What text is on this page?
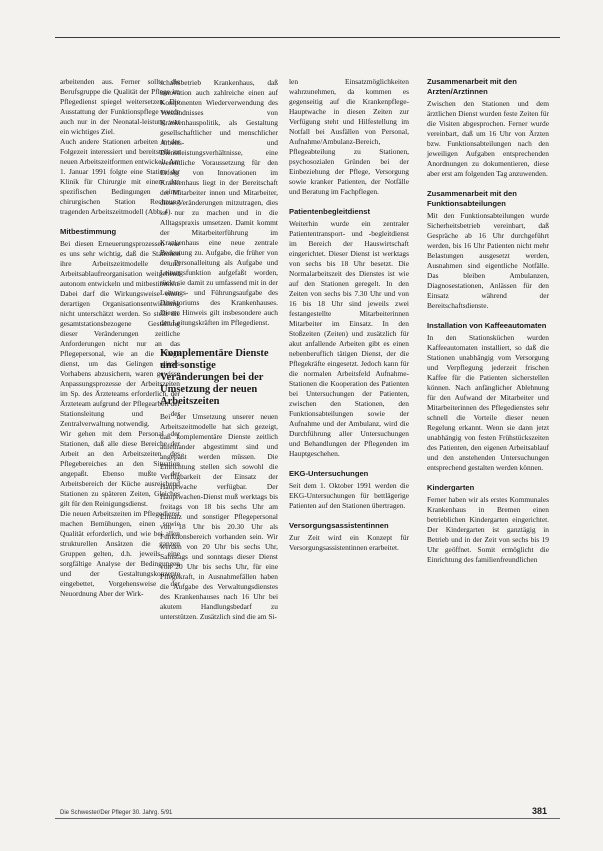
arbeitenden aus. Ferner sollte die Berufsgruppe die Qualität der Pflege im Pflegedienst spiegel weitersetzen. Die Ausstattung der Funktionspflege wurde auch nur in der Neonatal-leistung war ein wichtiges Ziel.

Auch andere Stationen arbeiten in der Folgezeit interessiert und bereitstellt zu neuen Arbeitszeitformen entwickelt. Am 1. Januar 1991 folgte eine Station der Klinik für Chirurgie mit einem den spezifischen Bedingungen einer chirurgischen Station Rechnung tragenden Arbeitszeitmodell (Abb. 4).

Mitbestimmung

Bei diesen Erneuerungsprozessen war es uns sehr wichtig, daß die Stationen ihre Arbeitszeitmodelle und Arbeitsablaufreorganisation weitgehend autonom entwickeln und mitbestimmen. Dabei darf die Wirkungsweise einer derartigen Organisationsentwicklung nicht unterschätzt werden. So stellt die gesamtstationsbezogene Gestaltung dieser Veränderungen zeitliche Anforderungen nicht nur an das Pflegepersonal, wie an die Pflege dienst, um das Gelingen dieses Vorhabens abzusichern, waren gewisse Anpassungsprozesse der Arbeitszeiten im Sp. des Ärzteteams erforderlich, der Ärzteteam aufgrund der Pflegearbeit der Stationsleitung und der Zentralverwaltung notwendig.

Wir gehen mit dem Personal der Stationen, daß alle diese Bereiche der Arbeit an den Arbeitszeiten des Pflegebereiches an den Situation angepaßt. Ebenso mußte der Arbeitsbereich der Küche ausreichend Stationen zu späteren Zeiten, Gleiches gilt für den Reinigungsdienst.

Die neuen Arbeitszeiten im Pflegedienst machen Bemühungen, einen sowie Qualität erforderlich, und wie bei allen strukturellen Ansätzen die ganzen Gruppen gelten, d.h. jeweils eine sorgfältige Analyse der Bedingungen und der Gestaltungskonzepte eingebettet, Vorgehensweise der Neuordnung Aber der Wirk-

schaftsbetrieb Krankenhaus, daß innovation auch zahlreiche einen auf Komponenten Wiederverwendung des Verständnisses von Krankenhauspolitik, als Gestaltung gesellschaftlicher und menschlicher Arbeits- und Dienstleistungsverhältnisse, eine wesentliche Voraussetzung für den Erfolg von Innovationen im Krankenhaus liegt in der Bereitschaft der Mitarbeiter innen und Mitarbeiter, diese Veränderungen mitzutragen, dies ist nur zu machen und in die Alltagspraxis umsetzen. Damit kommt der Mitarbeiterführung im Krankenhaus eine neue zentrale Bedeutung zu. Aufgabe, die früher von der Personalleitung als Aufgabe und Leitungsfunktion aufgefaßt worden, rückt sie damit zu umfassend mit in der Leitungs- und Führungsaufgabe des Direktoriums des Krankenhauses. Dieser Hinweis gilt insbesondere auch den Leitungskräften im Pflegedienst.

Komplementäre Dienste und sonstige Veränderungen bei der Umsetzung der neuen Arbeitszeiten

Bei der Umsetzung unserer neuen Arbeitszeitmodelle hat sich gezeigt, daß komplementäre Dienste zeitlich aufeinander abgestimmt sind und angepaßt werden müssen. Die Einrichtung stellen sich sowohl die Verfügbarkeit der Einsatz der Hauptwache verfügbar. Der Hauptwachen-Dienst muß werktags bis freitags von 18 bis sechs Uhr am Einsatz und sonstiger Pflegepersonal von 18 Uhr bis 20.30 Uhr als Funktionsbereich vorhanden sein. Wir werden von 20 Uhr bis sechs Uhr, Samstags und sonntags dieser Dienst von 20 Uhr bis sechs Uhr, für eine Pflegekraft, in Ausnahmefällen haben die Aufgabe des Verwaltungsdienstes des Krankenhauses nach 16 Uhr bei akutem Handlungsbedarf zu unterstützen. Zusätzlich sind die am Si-

len Einsatzmöglichkeiten wahrzunehmen, da kommen es gegenseitig auf die Krankenpflege-Hauptwache in diesen Zeiten zur Verfügung steht und Hilfestellung im Notfall bei Ausfällen von Personal, Aufnahme/Ambulanz-Bereich, Pflegeabteilung zu Stationen, psychosozialen Gründen bei der Einbeziehung der Pflege, Versorgung sowie kranker Patienten, der Notfälle und Beratung im Fachpflegen.

Patientenbegleitdienst

Weiterhin wurde ein zentraler Patiententransport- und -begleitdienst im Bereich der Hauswirtschaft eingerichtet. Dieser Dienst ist werktags von sechs bis 18 Uhr besetzt. Die Normalarbeitszeit des Dienstes ist wie auf den Stationen geregelt. In den Zeiten von sechs bis 7.30 Uhr und von 16 bis 18 Uhr sind jeweils zwei festangestellte Mitarbeiterinnen Mitarbeiter im Einsatz. In den Stoßzeiten (Zeiten) und zusätzlich für akut anfallende Arbeiten gibt es einen nebenberuflich tätigen Dienst, der die Pflegekräfte eingesetzt. Jedoch kann für die normalen Arbeitsfeld Aufnahme-Stationen die Kooperation des Patienten bei Untersuchungen der Patienten, zwischen den Stationen, den Funktionsabteilungen sowie der Aufnahme und der Ambulanz, wird die Durchführung aller Untersuchungen und Behandlungen der Pflegenden im Hauptgeschehen.

EKG-Untersuchungen

Seit dem 1. Oktober 1991 werden die EKG-Untersuchungen für bettlägerige Patienten auf den Stationen übertragen.

Versorgungsassistentinnen

Zur Zeit wird ein Konzept für Versorgungsassistentinnen erarbeitet.

Zusammenarbeit mit den Arzten/Arztinnen

Zwischen den Stationen und dem ärztlichen Dienst wurden feste Zeiten für die Visiten abgesprochen. Ferner wurde vereinbart, daß um 16 Uhr von Ärzten bzw. Funktionsabteilungen nach den jeweiligen Aufgaben entsprechenden Anordnungen zu dokumentieren, diese aber erst am folgenden Tag anzuwenden.

Zusammenarbeit mit den Funktionsabteilungen

Mit den Funktionsabteilungen wurde Sicherheitsbetrieb vereinbart, daß Gespräche ab 16 Uhr durchgeführt werden, bis 16 Uhr Patienten nicht mehr Belastungen ausgesetzt werden, Ausnahmen sind eigentliche Notfälle. Das bleiben Ambulanzen, Diagnosestationen, Anlässen für den Einsatz während der Bereitschaftsdienste.

Installation von Kaffeeautomaten

In den Stationsküchen wurden Kaffeeautomaten installiert, so daß die Stationen unabhängig vom Versorgung und Verpflegung jederzeit frischen Kaffee für die Patienten sicherstellen können. Nach anfänglicher Ablehnung für den Aufwand der Mitarbeiter und Mitarbeiterinnen des Pflegedienstes sehr schnell die Vorteile dieser neuen Regelung erkannt. Wenn sie dann jetzt unabhängig von festen Frühstückszeiten des Patienten, den eigenen Arbeitsablauf und den anstehenden Untersuchungen entsprechend gestalten werden können.

Kindergarten

Ferner haben wir als erstes Kommunales Krankenhaus in Bremen einen betrieblichen Kindergarten eingerichtet. Der Kindergarten ist ganztägig in Betrieb und in der Zeit von sechs bis 19 Uhr geöffnet. Somit ermöglicht die Einrichtung des familienfreundlichen

Die Schwester/Der Pfleger 30. Jahrg. 5/91	381
